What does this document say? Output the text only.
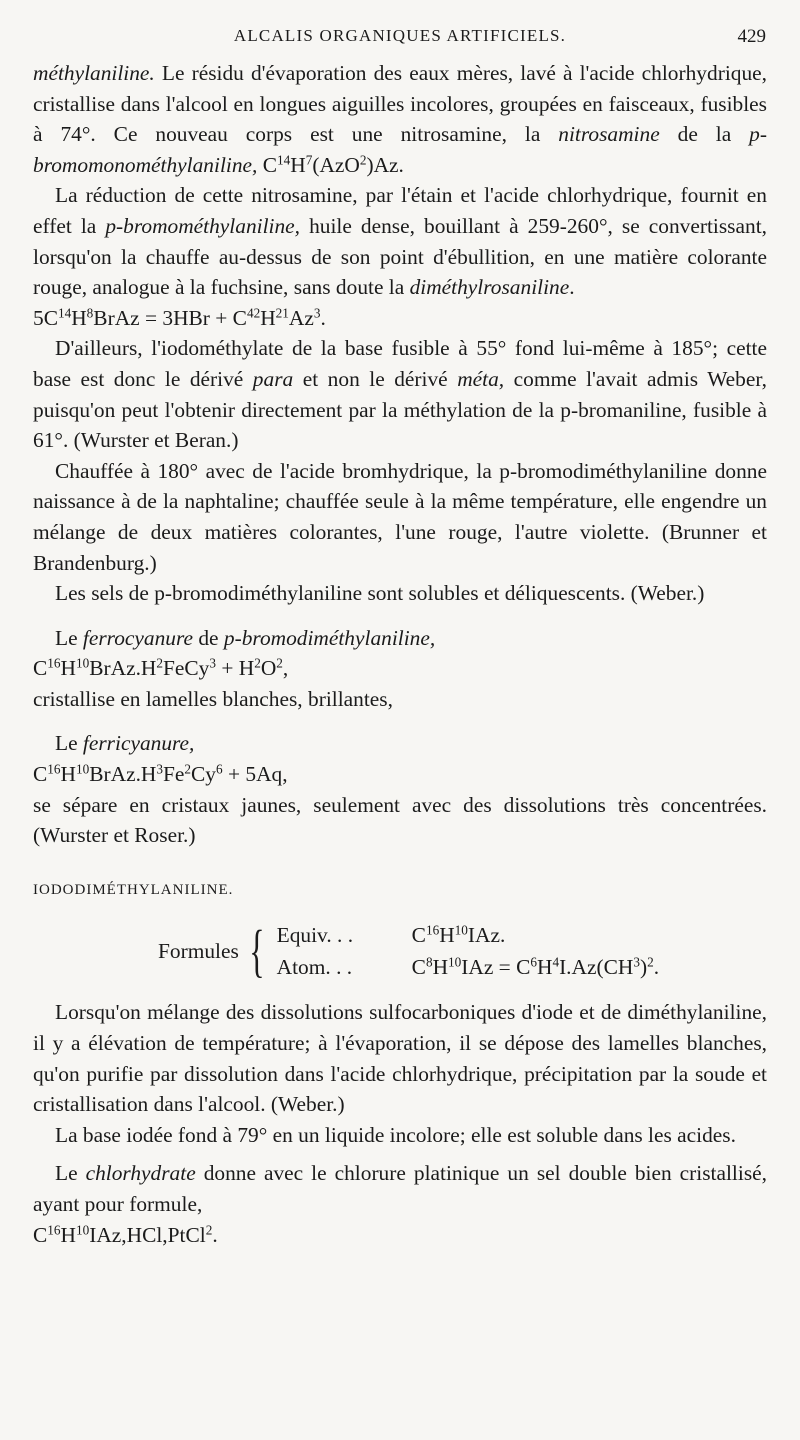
ALCALIS ORGANIQUES ARTIFICIELS.	429

méthylaniline. Le résidu d'évaporation des eaux mères, lavé à l'acide chlorhydrique, cristallise dans l'alcool en longues aiguilles incolores, groupées en faisceaux, fusibles à 74°. Ce nouveau corps est une nitrosamine, la nitrosamine de la p-bromomonométhylaniline, $C^{14}H^7(AzO^2)Az$.

La réduction de cette nitrosamine, par l'étain et l'acide chlorhydrique, fournit en effet la p-bromométhylaniline, huile dense, bouillant à 259-260°, se convertissant, lorsqu'on la chauffe au-dessus de son point d'ébullition, en une matière colorante rouge, analogue à la fuchsine, sans doute la diméthylrosaniline.

$5C^{14}H^8BrAz = 3HBr + C^{42}H^{21}Az^3$.

D'ailleurs, l'iodométhylate de la base fusible à 55° fond lui-même à 185°; cette base est donc le dérivé para et non le dérivé méta, comme l'avait admis Weber, puisqu'on peut l'obtenir directement par la méthylation de la p-bromaniline, fusible à 61°. (Wurster et Beran.)

Chauffée à 180° avec de l'acide bromhydrique, la p-bromodiméthylaniline donne naissance à de la naphtaline; chauffée seule à la même température, elle engendre un mélange de deux matières colorantes, l'une rouge, l'autre violette. (Brunner et Brandenburg.)

Les sels de p-bromodiméthylaniline sont solubles et déliquescents. (Weber.)

Le ferrocyanure de p-bromodiméthylaniline,

$C^{16}H^{10}BrAz.H^2FeCy^3 + H^2O^2$,

cristallise en lamelles blanches, brillantes,

Le ferricyanure,

$C^{16}H^{10}BrAz.H^3Fe^2Cy^6 + 5Aq$,

se sépare en cristaux jaunes, seulement avec des dissolutions très concentrées. (Wurster et Roser.)

IODODIMÉTHYLANILINE.

Formules { Equiv. . .	$C^{16}H^{10}IAz$.
Atom. . .	$C^8H^{10}IAz = C^6H^4I.Az(CH^3)^2$.

Lorsqu'on mélange des dissolutions sulfocarboniques d'iode et de diméthylaniline, il y a élévation de température; à l'évaporation, il se dépose des lamelles blanches, qu'on purifie par dissolution dans l'acide chlorhydrique, précipitation par la soude et cristallisation dans l'alcool. (Weber.)

La base iodée fond à 79° en un liquide incolore; elle est soluble dans les acides.

Le chlorhydrate donne avec le chlorure platinique un sel double bien cristallisé, ayant pour formule,

$C^{16}H^{10}IAz,HCl,PtCl^2$.
